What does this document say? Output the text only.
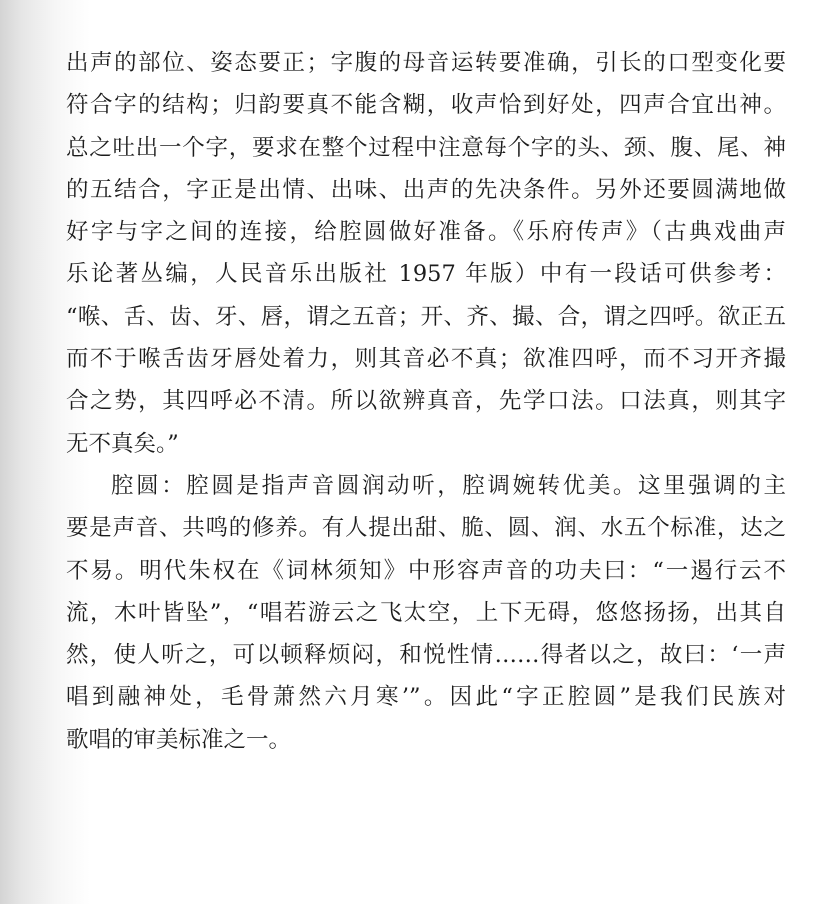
出声的部位、姿态要正；字腹的母音运转要准确，引长的口型变化要
符合字的结构；归韵要真不能含糊，收声恰到好处，四声合宜出神。
总之吐出一个字，要求在整个过程中注意每个字的头、颈、腹、尾、神
的五结合，字正是出情、出味、出声的先决条件。另外还要圆满地做
好字与字之间的连接，给腔圆做好准备。《乐府传声》（古典戏曲声
乐论著丛编，人民音乐出版社 1957 年版）中有一段话可供参考：
“喉、舌、齿、牙、唇，谓之五音；开、齐、撮、合，谓之四呼。欲正五
而不于喉舌齿牙唇处着力，则其音必不真；欲准四呼，而不习开齐撮
合之势，其四呼必不清。所以欲辨真音，先学口法。口法真，则其字
无不真矣。”
腔圆：腔圆是指声音圆润动听，腔调婉转优美。这里强调的主
要是声音、共鸣的修养。有人提出甜、脆、圆、润、水五个标准，达之
不易。明代朱权在《词林须知》中形容声音的功夫曰：“一遏行云不
流，木叶皆坠”，“唱若游云之飞太空，上下无碍，悠悠扬扬，出其自
然，使人听之，可以顿释烦闷，和悦性情……得者以之，故曰：‘一声
唱到融神处，毛骨萧然六月寒’”。因此“字正腔圆”是我们民族对
歌唱的审美标准之一。
